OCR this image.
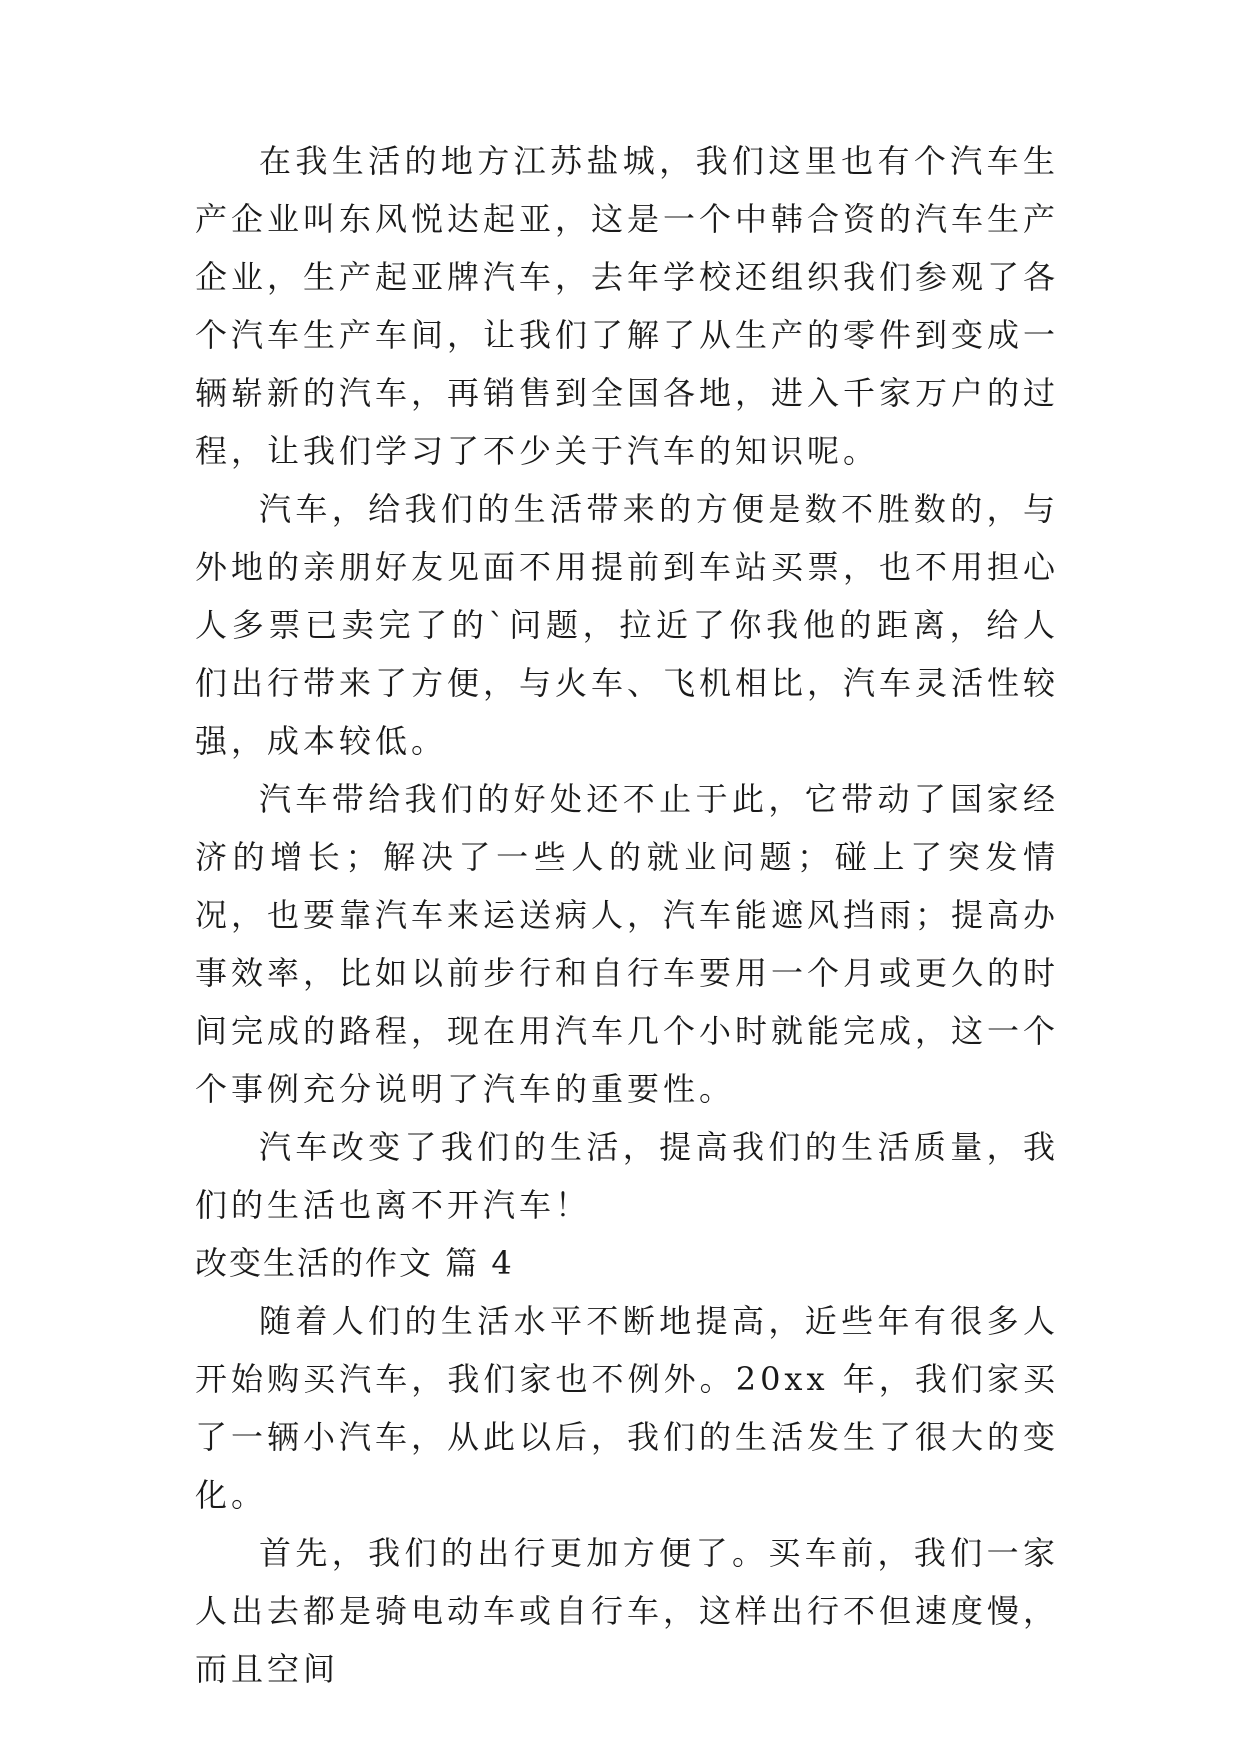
在我生活的地方江苏盐城，我们这里也有个汽车生产企业叫东风悦达起亚，这是一个中韩合资的汽车生产企业，生产起亚牌汽车，去年学校还组织我们参观了各个汽车生产车间，让我们了解了从生产的零件到变成一辆崭新的汽车，再销售到全国各地，进入千家万户的过程，让我们学习了不少关于汽车的知识呢。

汽车，给我们的生活带来的方便是数不胜数的，与外地的亲朋好友见面不用提前到车站买票，也不用担心人多票已卖完了的`问题，拉近了你我他的距离，给人们出行带来了方便，与火车、飞机相比，汽车灵活性较强，成本较低。

汽车带给我们的好处还不止于此，它带动了国家经济的增长；解决了一些人的就业问题；碰上了突发情况，也要靠汽车来运送病人，汽车能遮风挡雨；提高办事效率，比如以前步行和自行车要用一个月或更久的时间完成的路程，现在用汽车几个小时就能完成，这一个个事例充分说明了汽车的重要性。

汽车改变了我们的生活，提高我们的生活质量，我们的生活也离不开汽车！

改变生活的作文 篇 4

随着人们的生活水平不断地提高，近些年有很多人开始购买汽车，我们家也不例外。20xx 年，我们家买了一辆小汽车，从此以后，我们的生活发生了很大的变化。

首先，我们的出行更加方便了。买车前，我们一家人出去都是骑电动车或自行车，这样出行不但速度慢，而且空间
